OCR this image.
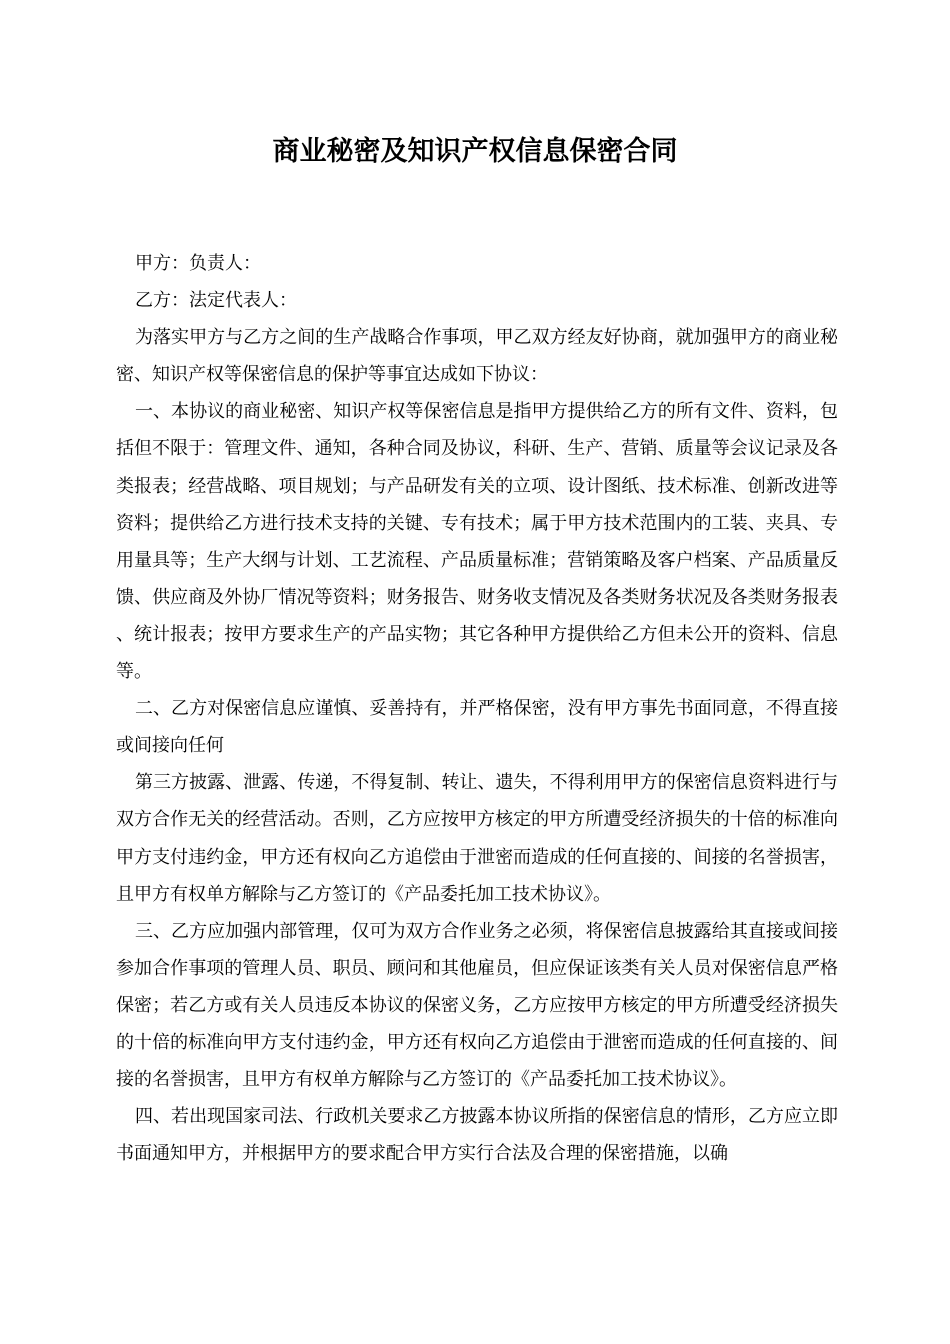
商业秘密及知识产权信息保密合同

甲方：负责人：

乙方：法定代表人：

为落实甲方与乙方之间的生产战略合作事项，甲乙双方经友好协商，就加强甲方的商业秘密、知识产权等保密信息的保护等事宜达成如下协议：

一、本协议的商业秘密、知识产权等保密信息是指甲方提供给乙方的所有文件、资料，包括但不限于：管理文件、通知，各种合同及协议，科研、生产、营销、质量等会议记录及各类报表；经营战略、项目规划；与产品研发有关的立项、设计图纸、技术标准、创新改进等资料；提供给乙方进行技术支持的关键、专有技术；属于甲方技术范围内的工装、夹具、专用量具等；生产大纲与计划、工艺流程、产品质量标准；营销策略及客户档案、产品质量反馈、供应商及外协厂情况等资料；财务报告、财务收支情况及各类财务状况及各类财务报表、统计报表；按甲方要求生产的产品实物；其它各种甲方提供给乙方但未公开的资料、信息等。

二、乙方对保密信息应谨慎、妥善持有，并严格保密，没有甲方事先书面同意，不得直接或间接向任何

第三方披露、泄露、传递，不得复制、转让、遗失，不得利用甲方的保密信息资料进行与双方合作无关的经营活动。否则，乙方应按甲方核定的甲方所遭受经济损失的十倍的标准向甲方支付违约金，甲方还有权向乙方追偿由于泄密而造成的任何直接的、间接的名誉损害，且甲方有权单方解除与乙方签订的《产品委托加工技术协议》。

三、乙方应加强内部管理，仅可为双方合作业务之必须，将保密信息披露给其直接或间接参加合作事项的管理人员、职员、顾问和其他雇员，但应保证该类有关人员对保密信息严格保密；若乙方或有关人员违反本协议的保密义务，乙方应按甲方核定的甲方所遭受经济损失的十倍的标准向甲方支付违约金，甲方还有权向乙方追偿由于泄密而造成的任何直接的、间接的名誉损害，且甲方有权单方解除与乙方签订的《产品委托加工技术协议》。

四、若出现国家司法、行政机关要求乙方披露本协议所指的保密信息的情形，乙方应立即书面通知甲方，并根据甲方的要求配合甲方实行合法及合理的保密措施，以确
